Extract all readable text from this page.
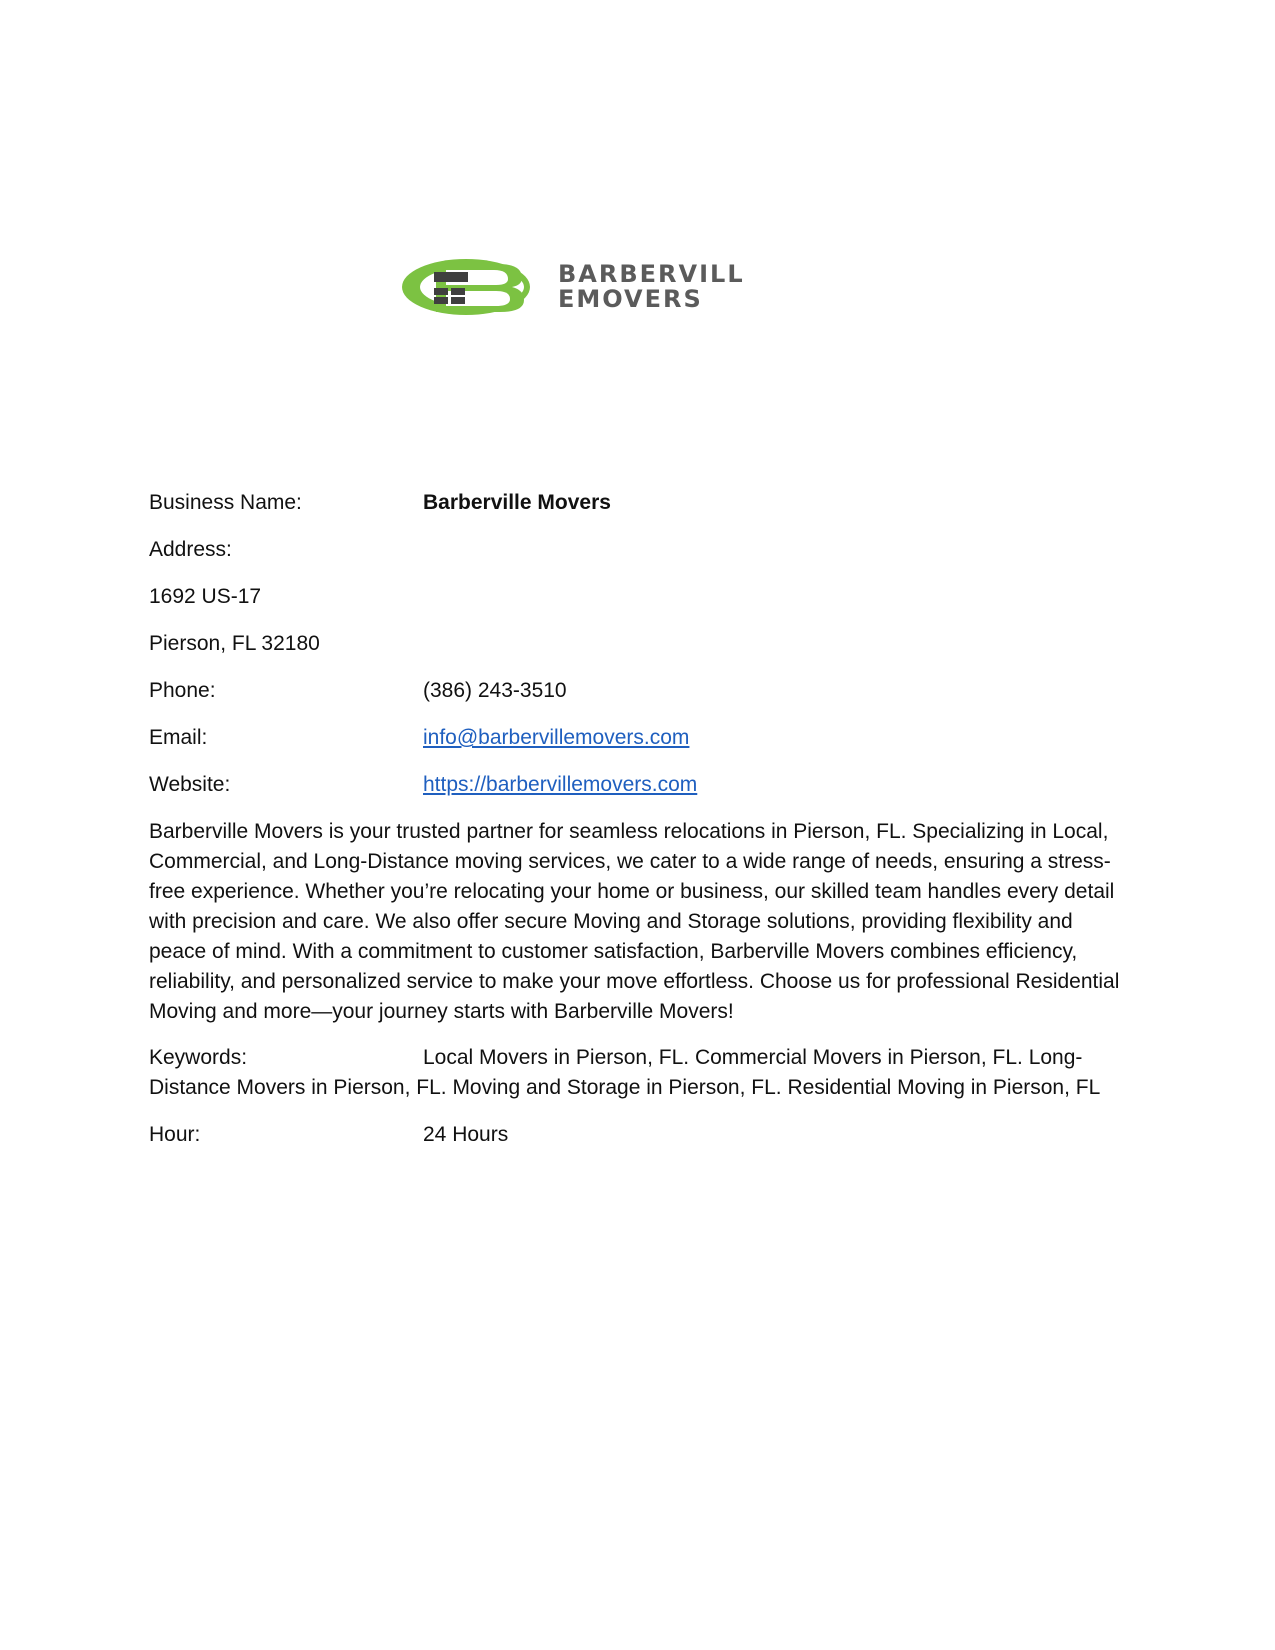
BARBERVILL
EMOVERS
Business Name:	Barberville Movers
Address:
1692 US-17
Pierson, FL 32180
Phone:	(386) 243-3510
Email:	info@barbervillemovers.com
Website:	https://barbervillemovers.com
Barberville Movers is your trusted partner for seamless relocations in Pierson, FL. Specializing in Local,
Commercial, and Long-Distance moving services, we cater to a wide range of needs, ensuring a stress-
free experience. Whether you’re relocating your home or business, our skilled team handles every detail
with precision and care. We also offer secure Moving and Storage solutions, providing flexibility and
peace of mind. With a commitment to customer satisfaction, Barberville Movers combines efficiency,
reliability, and personalized service to make your move effortless. Choose us for professional Residential
Moving and more—your journey starts with Barberville Movers!
Keywords:	Local Movers in Pierson, FL. Commercial Movers in Pierson, FL. Long-
Distance Movers in Pierson, FL. Moving and Storage in Pierson, FL. Residential Moving in Pierson, FL
Hour:	24 Hours
